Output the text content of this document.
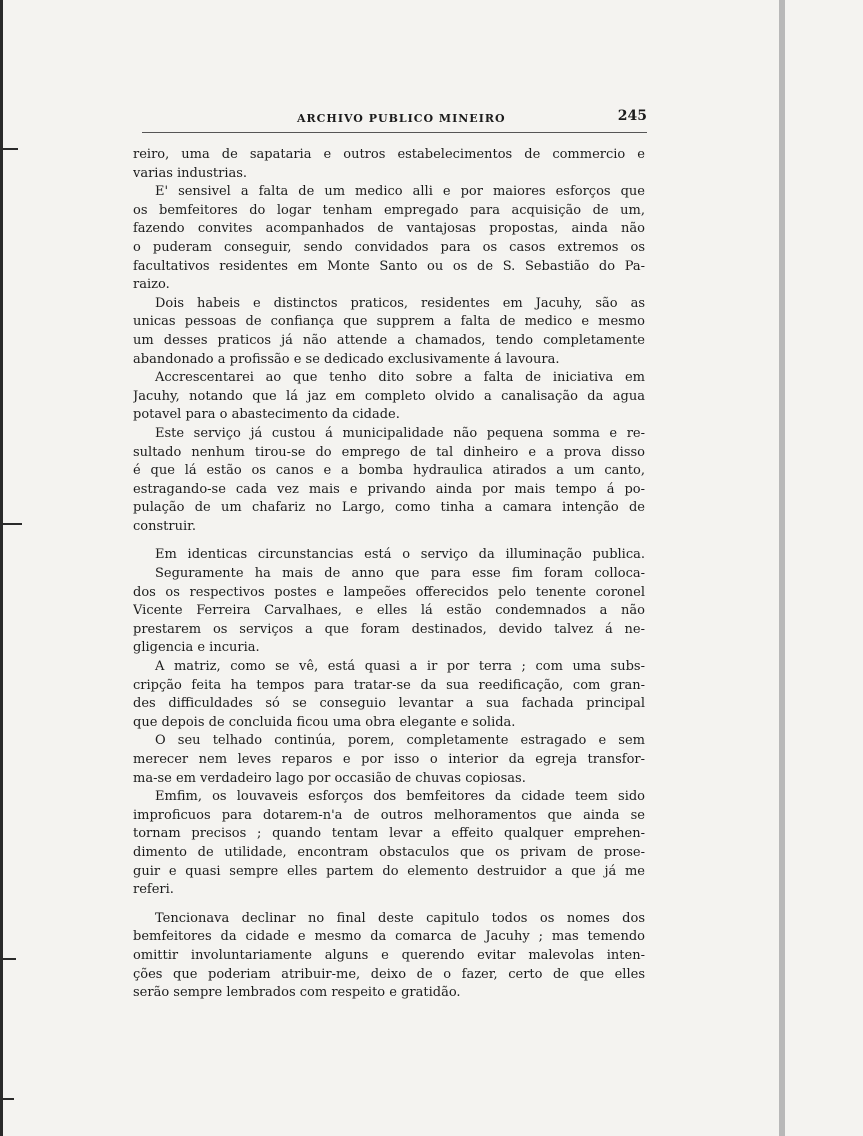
ARCHIVO PUBLICO MINEIRO	245
reiro, uma de sapataria e outros estabelecimentos de commercio e
varias industrias.
E' sensivel a falta de um medico alli e por maiores esforços que
os bemfeitores do logar tenham empregado para acquisição de um,
fazendo convites acompanhados de vantajosas propostas, ainda não
o puderam conseguir, sendo convidados para os casos extremos os
facultativos residentes em Monte Santo ou os de S. Sebastião do Pa-
raizo.
Dois habeis e distinctos praticos, residentes em Jacuhy, são as
unicas pessoas de confiança que supprem a falta de medico e mesmo
um desses praticos já não attende a chamados, tendo completamente
abandonado a profissão e se dedicado exclusivamente á lavoura.
Accrescentarei ao que tenho dito sobre a falta de iniciativa em
Jacuhy, notando que lá jaz em completo olvido a canalisação da agua
potavel para o abastecimento da cidade.
Este serviço já custou á municipalidade não pequena somma e re-
sultado nenhum tirou-se do emprego de tal dinheiro e a prova disso
é que lá estão os canos e a bomba hydraulica atirados a um canto,
estragando-se cada vez mais e privando ainda por mais tempo á po-
pulação de um chafariz no Largo, como tinha a camara intenção de
construir.
Em identicas circunstancias está o serviço da illuminação publica.
Seguramente ha mais de anno que para esse fim foram colloca-
dos os respectivos postes e lampeões offerecidos pelo tenente coronel
Vicente Ferreira Carvalhaes, e elles lá estão condemnados a não
prestarem os serviços a que foram destinados, devido talvez á ne-
gligencia e incuria.
A matriz, como se vê, está quasi a ir por terra ; com uma subs-
cripção feita ha tempos para tratar-se da sua reedificação, com gran-
des difficuldades só se conseguio levantar a sua fachada principal
que depois de concluida ficou uma obra elegante e solida.
O seu telhado continúa, porem, completamente estragado e sem
merecer nem leves reparos e por isso o interior da egreja transfor-
ma-se em verdadeiro lago por occasião de chuvas copiosas.
Emfim, os louvaveis esforços dos bemfeitores da cidade teem sido
improficuos para dotarem-n'a de outros melhoramentos que ainda se
tornam precisos ; quando tentam levar a effeito qualquer emprehen-
dimento de utilidade, encontram obstaculos que os privam de prose-
guir e quasi sempre elles partem do elemento destruidor a que já me
referi.
Tencionava declinar no final deste capitulo todos os nomes dos
bemfeitores da cidade e mesmo da comarca de Jacuhy ; mas temendo
omittir involuntariamente alguns e querendo evitar malevolas inten-
ções que poderiam atribuir-me, deixo de o fazer, certo de que elles
serão sempre lembrados com respeito e gratidão.
